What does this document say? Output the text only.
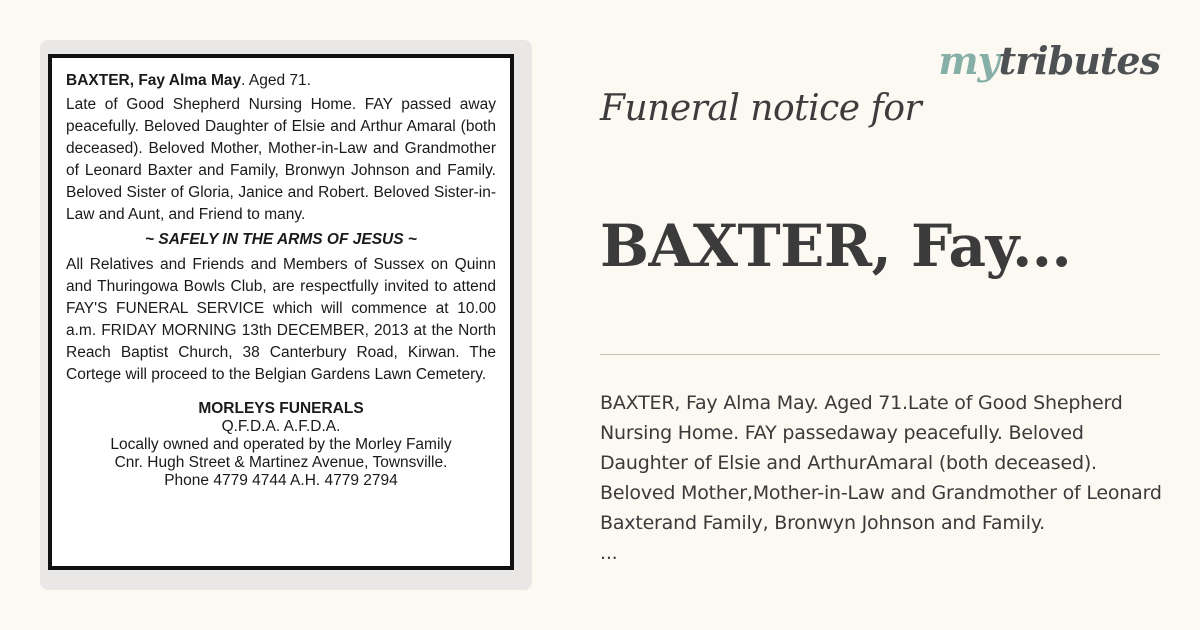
BAXTER, Fay Alma May. Aged 71.

Late of Good Shepherd Nursing Home. FAY passed away peacefully. Beloved Daughter of Elsie and Arthur Amaral (both deceased). Beloved Mother, Mother-in-Law and Grandmother of Leonard Baxter and Family, Bronwyn Johnson and Family. Beloved Sister of Gloria, Janice and Robert. Beloved Sister-in-Law and Aunt, and Friend to many.

~ SAFELY IN THE ARMS OF JESUS ~

All Relatives and Friends and Members of Sussex on Quinn and Thuringowa Bowls Club, are respectfully invited to attend FAY'S FUNERAL SERVICE which will commence at 10.00 a.m. FRIDAY MORNING 13th DECEMBER, 2013 at the North Reach Baptist Church, 38 Canterbury Road, Kirwan. The Cortege will proceed to the Belgian Gardens Lawn Cemetery.

MORLEYS FUNERALS
Q.F.D.A. A.F.D.A.
Locally owned and operated by the Morley Family
Cnr. Hugh Street & Martinez Avenue, Townsville.
Phone 4779 4744 A.H. 4779 2794
mytributes
Funeral notice for
BAXTER, Fay...
BAXTER, Fay Alma May. Aged 71.Late of Good Shepherd
Nursing Home. FAY passedaway peacefully. Beloved
Daughter of Elsie and ArthurAmaral (both deceased).
Beloved Mother,Mother-in-Law and Grandmother of Leonard
Baxterand Family, Bronwyn Johnson and Family.
...
